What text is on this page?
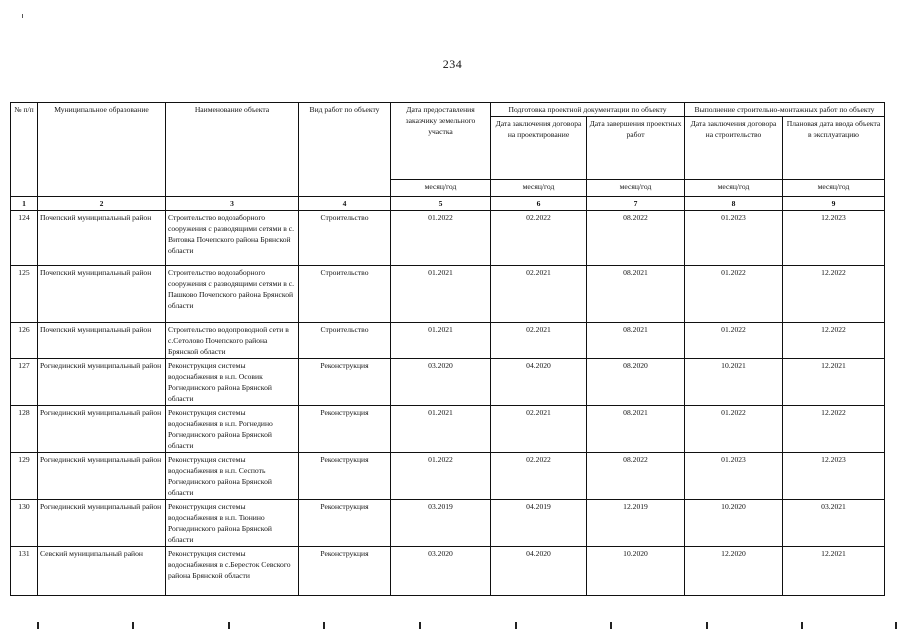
234
№ п/п	Муниципальное образование	Наименование объекта	Вид работ по объекту	Дата предоставления заказчику земельного участка	Подготовка проектной документации по объекту		Выполнение строительно-монтажных работ по объекту	
					Дата заключения договора на проектирование	Дата завершения проектных работ	Дата заключения договора на строительство	Плановая дата ввода объекта в эксплуатацию
				месяц/год	месяц/год	месяц/год	месяц/год	месяц/год
1	2	3	4	5	6	7	8	9
124	Почепский муниципальный район	Строительство водозаборного сооружения с разводящими сетями в с. Витовка Почепского района Брянской области	Строительство	01.2022	02.2022	08.2022	01.2023	12.2023
125	Почепский муниципальный район	Строительство водозаборного сооружения с разводящими сетями в с. Пашково Почепского района Брянской области	Строительство	01.2021	02.2021	08.2021	01.2022	12.2022
126	Почепский муниципальный район	Строительство водопроводной сети в с.Сетолово Почепского района Брянской области	Строительство	01.2021	02.2021	08.2021	01.2022	12.2022
127	Рогнединский муниципальный район	Реконструкция системы водоснабжения в н.п. Осовик Рогнединского района Брянской области	Реконструкция	03.2020	04.2020	08.2020	10.2021	12.2021
128	Рогнединский муниципальный район	Реконструкция системы водоснабжения в н.п. Рогнедино Рогнединского района Брянской области	Реконструкция	01.2021	02.2021	08.2021	01.2022	12.2022
129	Рогнединский муниципальный район	Реконструкция системы водоснабжения в н.п. Сеспоть Рогнединского района Брянской области	Реконструкция	01.2022	02.2022	08.2022	01.2023	12.2023
130	Рогнединский муниципальный район	Реконструкция системы водоснабжения в н.п. Тюнино Рогнединского района Брянской области	Реконструкция	03.2019	04.2019	12.2019	10.2020	03.2021
131	Севский муниципальный район	Реконструкция системы водоснабжения в с.Бересток Севского района Брянской области	Реконструкция	03.2020	04.2020	10.2020	12.2020	12.2021
